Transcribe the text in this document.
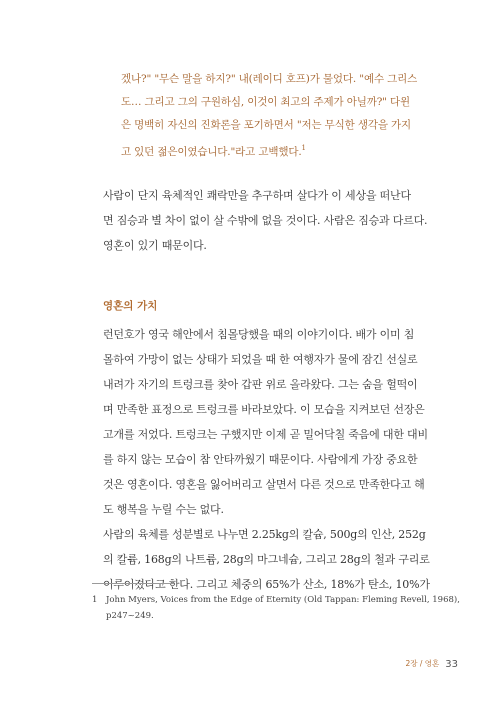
겠나?" "무슨 말을 하지?" 내(레이디 호프)가 물었다. "예수 그리스
도… 그리고 그의 구원하심, 이것이 최고의 주제가 아닐까?" 다윈
은 명백히 자신의 진화론을 포기하면서 "저는 무식한 생각을 가지
고 있던 젊은이였습니다."라고 고백했다.$^1$
사람이 단지 육체적인 쾌락만을 추구하며 살다가 이 세상을 떠난다
면 짐승과 별 차이 없이 살 수밖에 없을 것이다. 사람은 짐승과 다르다.
영혼이 있기 때문이다.
영혼의 가치
런던호가 영국 해안에서 침몰당했을 때의 이야기이다. 배가 이미 침
몰하여 가망이 없는 상태가 되었을 때 한 여행자가 물에 잠긴 선실로
내려가 자기의 트렁크를 찾아 갑판 위로 올라왔다. 그는 숨을 헐떡이
며 만족한 표정으로 트렁크를 바라보았다. 이 모습을 지켜보던 선장은
고개를 저었다. 트렁크는 구했지만 이제 곧 밀어닥칠 죽음에 대한 대비
를 하지 않는 모습이 참 안타까웠기 때문이다. 사람에게 가장 중요한
것은 영혼이다. 영혼을 잃어버리고 살면서 다른 것으로 만족한다고 해
도 행복을 누릴 수는 없다.
사람의 육체를 성분별로 나누면 2.25kg의 칼슘, 500g의 인산, 252g
의 칼륨, 168g의 나트륨, 28g의 마그네슘, 그리고 28g의 철과 구리로
이루어졌다고 한다. 그리고 체중의 65%가 산소, 18%가 탄소, 10%가
1 John Myers, Voices from the Edge of Eternity (Old Tappan: Fleming Revell, 1968),
p247~249.
2장 / 영혼 33
